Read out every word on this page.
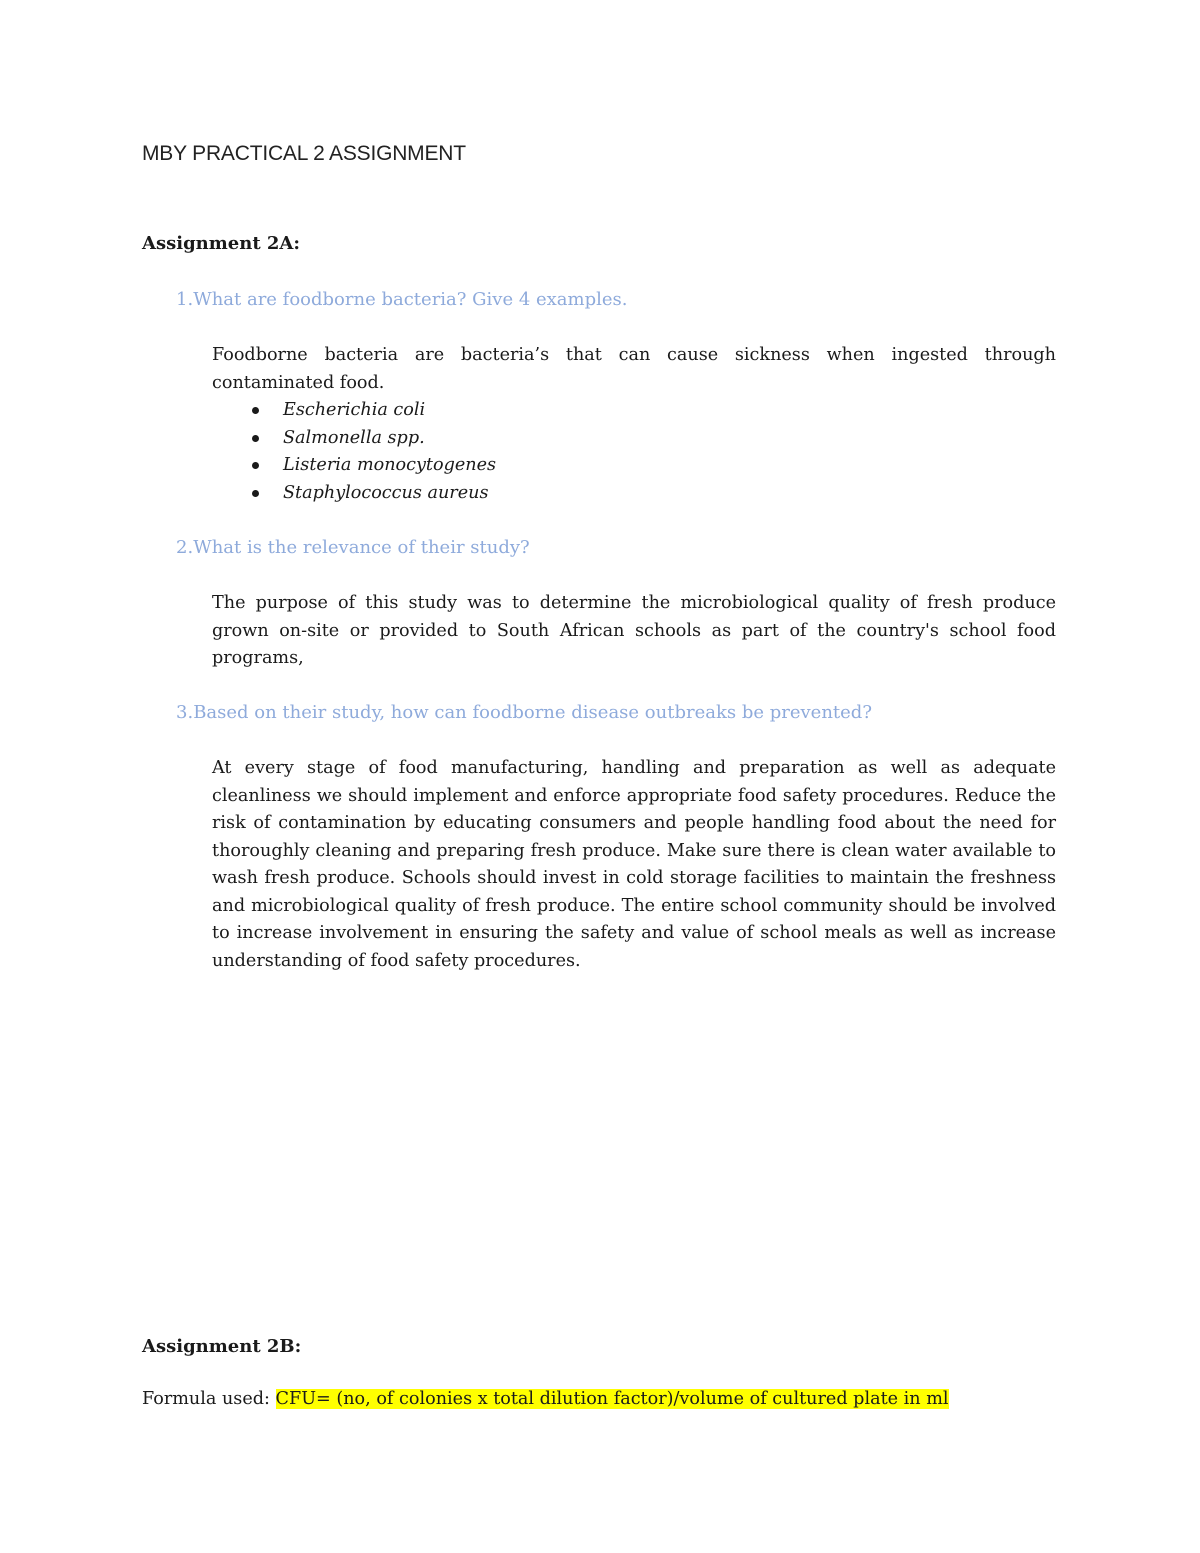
MBY PRACTICAL 2 ASSIGNMENT
Assignment 2A:
1.What are foodborne bacteria? Give 4 examples.
Foodborne bacteria are bacteria’s that can cause sickness when ingested through contaminated food.
Escherichia coli
Salmonella spp.
Listeria monocytogenes
Staphylococcus aureus
2.What is the relevance of their study?
The purpose of this study was to determine the microbiological quality of fresh produce grown on-site or provided to South African schools as part of the country's school food programs,
3.Based on their study, how can foodborne disease outbreaks be prevented?
At every stage of food manufacturing, handling and preparation as well as adequate cleanliness we should implement and enforce appropriate food safety procedures. Reduce the risk of contamination by educating consumers and people handling food about the need for thoroughly cleaning and preparing fresh produce. Make sure there is clean water available to wash fresh produce. Schools should invest in cold storage facilities to maintain the freshness and microbiological quality of fresh produce. The entire school community should be involved to increase involvement in ensuring the safety and value of school meals as well as increase understanding of food safety procedures.
Assignment 2B:
Formula used: CFU= (no, of colonies x total dilution factor)/volume of cultured plate in ml
